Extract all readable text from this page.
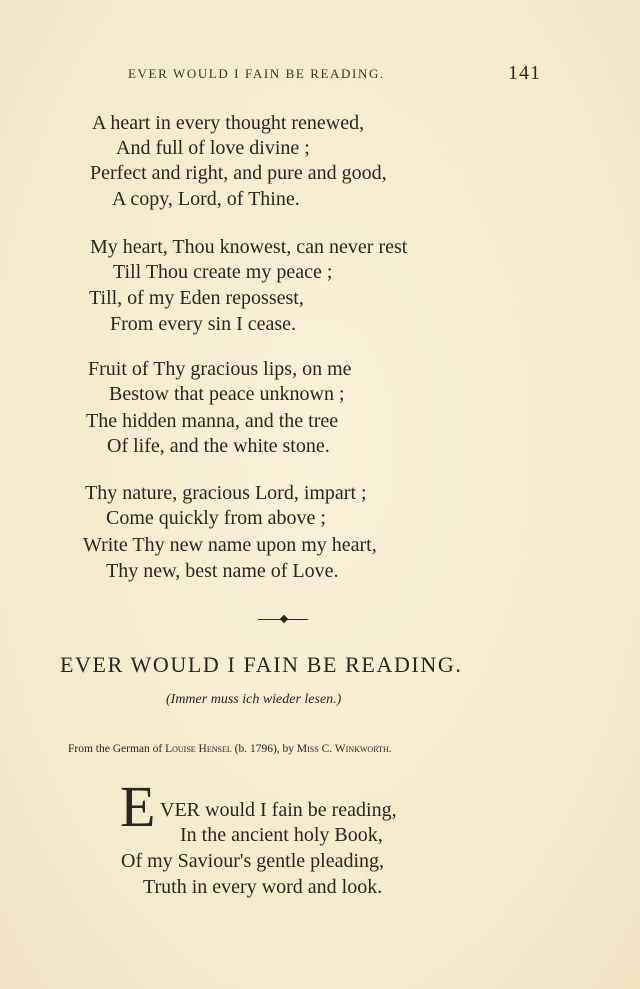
EVER WOULD I FAIN BE READING.	141
A heart in every thought renewed,
And full of love divine ;
Perfect and right, and pure and good,
A copy, Lord, of Thine.
My heart, Thou knowest, can never rest
Till Thou create my peace ;
Till, of my Eden repossest,
From every sin I cease.
Fruit of Thy gracious lips, on me
Bestow that peace unknown ;
The hidden manna, and the tree
Of life, and the white stone.
Thy nature, gracious Lord, impart ;
Come quickly from above ;
Write Thy new name upon my heart,
Thy new, best name of Love.
EVER WOULD I FAIN BE READING.
(Immer muss ich wieder lesen.)
From the German of Louise Hensel (b. 1796), by Miss C. Winkworth.
E VER would I fain be reading,
In the ancient holy Book,
Of my Saviour's gentle pleading,
Truth in every word and look.
